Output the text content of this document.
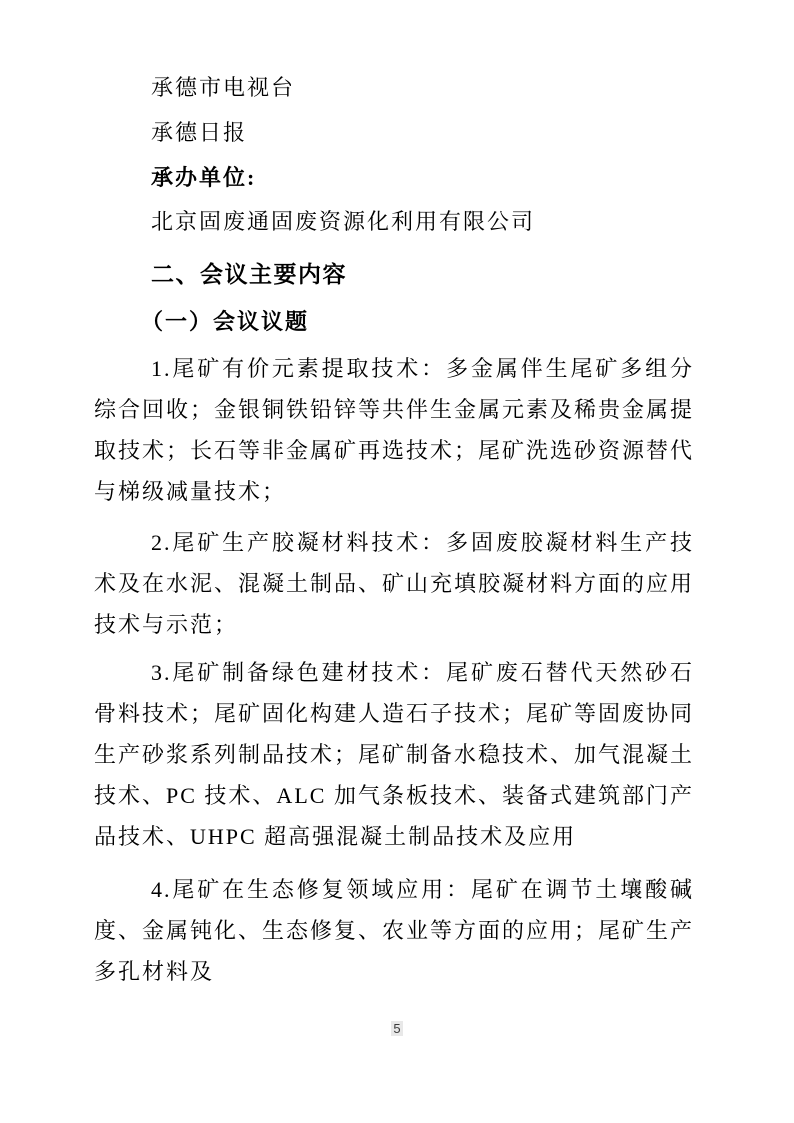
承德市电视台

承德日报

承办单位:

北京固废通固废资源化利用有限公司

二、会议主要内容

（一）会议议题

1.尾矿有价元素提取技术：多金属伴生尾矿多组分综合回收；金银铜铁铅锌等共伴生金属元素及稀贵金属提取技术；长石等非金属矿再选技术；尾矿洗选砂资源替代与梯级减量技术；

2.尾矿生产胶凝材料技术：多固废胶凝材料生产技术及在水泥、混凝土制品、矿山充填胶凝材料方面的应用技术与示范；

3.尾矿制备绿色建材技术：尾矿废石替代天然砂石骨料技术；尾矿固化构建人造石子技术；尾矿等固废协同生产砂浆系列制品技术；尾矿制备水稳技术、加气混凝土技术、PC 技术、ALC 加气条板技术、装备式建筑部门产品技术、UHPC 超高强混凝土制品技术及应用

4.尾矿在生态修复领域应用：尾矿在调节土壤酸碱度、金属钝化、生态修复、农业等方面的应用；尾矿生产多孔材料及

5
